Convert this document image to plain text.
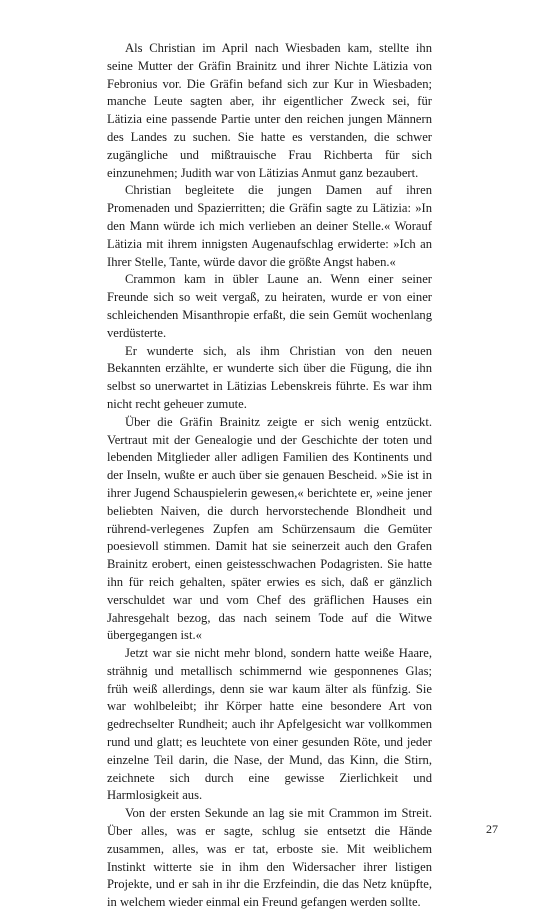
Als Christian im April nach Wiesbaden kam, stellte ihn seine Mutter der Gräfin Brainitz und ihrer Nichte Lätizia von Febronius vor. Die Gräfin befand sich zur Kur in Wiesbaden; manche Leute sagten aber, ihr eigentlicher Zweck sei, für Lätizia eine passende Partie unter den reichen jungen Männern des Landes zu suchen. Sie hatte es verstanden, die schwer zugängliche und mißtrauische Frau Richberta für sich einzunehmen; Judith war von Lätizias Anmut ganz bezaubert.

Christian begleitete die jungen Damen auf ihren Promenaden und Spazierritten; die Gräfin sagte zu Lätizia: »In den Mann würde ich mich verlieben an deiner Stelle.« Worauf Lätizia mit ihrem innigsten Augenaufschlag erwiderte: »Ich an Ihrer Stelle, Tante, würde davor die größte Angst haben.«

Crammon kam in übler Laune an. Wenn einer seiner Freunde sich so weit vergaß, zu heiraten, wurde er von einer schleichenden Misanthropie erfaßt, die sein Gemüt wochenlang verdüsterte.

Er wunderte sich, als ihm Christian von den neuen Bekannten erzählte, er wunderte sich über die Fügung, die ihn selbst so unerwartet in Lätizias Lebenskreis führte. Es war ihm nicht recht geheuer zumute.

Über die Gräfin Brainitz zeigte er sich wenig entzückt. Vertraut mit der Genealogie und der Geschichte der toten und lebenden Mitglieder aller adligen Familien des Kontinents und der Inseln, wußte er auch über sie genauen Bescheid. »Sie ist in ihrer Jugend Schauspielerin gewesen,« berichtete er, »eine jener beliebten Naiven, die durch hervorstechende Blondheit und rührend-verlegenes Zupfen am Schürzensaum die Gemüter poesievoll stimmen. Damit hat sie seinerzeit auch den Grafen Brainitz erobert, einen geistesschwachen Podagristen. Sie hatte ihn für reich gehalten, später erwies es sich, daß er gänzlich verschuldet war und vom Chef des gräflichen Hauses ein Jahresgehalt bezog, das nach seinem Tode auf die Witwe übergegangen ist.«

Jetzt war sie nicht mehr blond, sondern hatte weiße Haare, strähnig und metallisch schimmernd wie gesponnenes Glas; früh weiß allerdings, denn sie war kaum älter als fünfzig. Sie war wohlbeleibt; ihr Körper hatte eine besondere Art von gedrechselter Rundheit; auch ihr Apfelgesicht war vollkommen rund und glatt; es leuchtete von einer gesunden Röte, und jeder einzelne Teil darin, die Nase, der Mund, das Kinn, die Stirn, zeichnete sich durch eine gewisse Zierlichkeit und Harmlosigkeit aus.

Von der ersten Sekunde an lag sie mit Crammon im Streit. Über alles, was er sagte, schlug sie entsetzt die Hände zusammen, alles, was er tat, erboste sie. Mit weiblichem Instinkt witterte sie in ihm den Widersacher ihrer listigen Projekte, und er sah in ihr die Erzfeindin, die das Netz knüpfte, in welchem wieder einmal ein Freund gefangen werden sollte.

27
